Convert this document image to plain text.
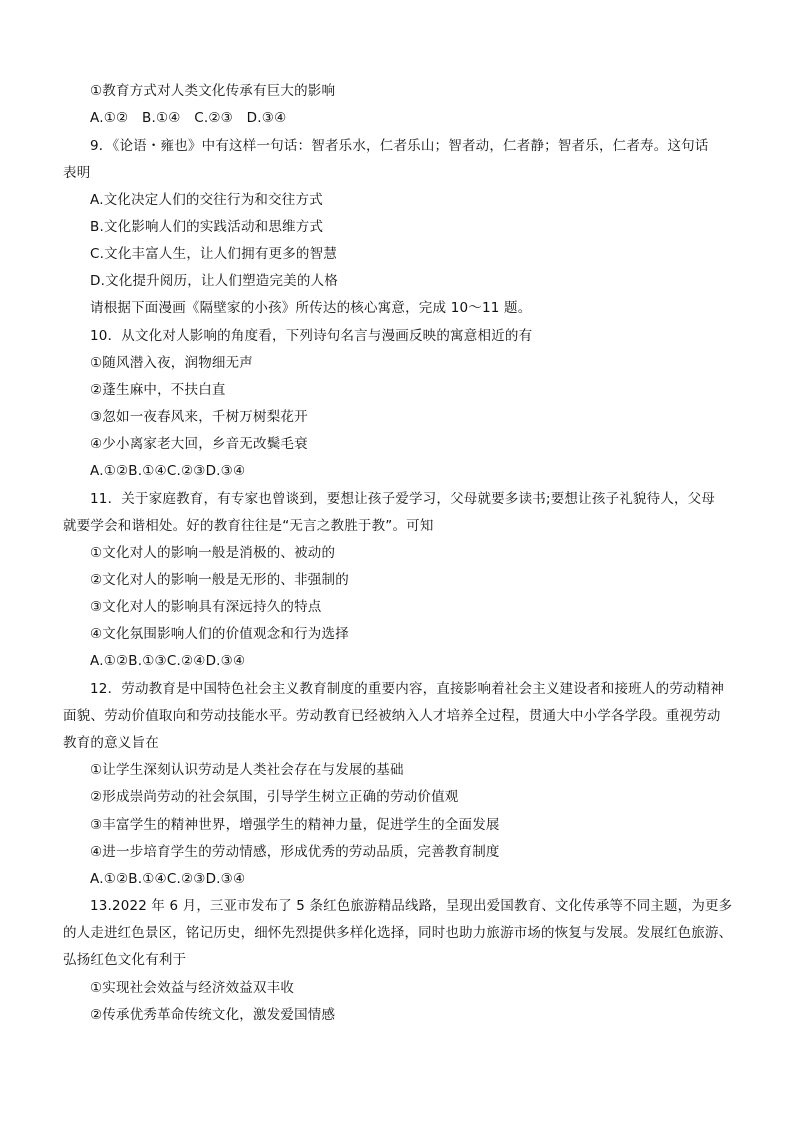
①教育方式对人类文化传承有巨大的影响
A.①②　B.①④　C.②③　D.③④
9．《论语・雍也》中有这样一句话：智者乐水，仁者乐山；智者动，仁者静；智者乐，仁者寿。这句话
表明
A.文化决定人们的交往行为和交往方式
B.文化影响人们的实践活动和思维方式
C.文化丰富人生，让人们拥有更多的智慧
D.文化提升阅历，让人们塑造完美的人格
请根据下面漫画《隔壁家的小孩》所传达的核心寓意，完成 10～11 题。
10．从文化对人影响的角度看，下列诗句名言与漫画反映的寓意相近的有
①随风潜入夜，润物细无声
②蓬生麻中，不扶白直
③忽如一夜春风来，千树万树梨花开
④少小离家老大回，乡音无改鬓毛衰
A.①②B.①④C.②③D.③④
11．关于家庭教育，有专家也曾谈到，要想让孩子爱学习，父母就要多读书;要想让孩子礼貌待人，父母
就要学会和谐相处。好的教育往往是“无言之教胜于教”。可知
①文化对人的影响一般是消极的、被动的
②文化对人的影响一般是无形的、非强制的
③文化对人的影响具有深远持久的特点
④文化氛围影响人们的价值观念和行为选择
A.①②B.①③C.②④D.③④
12．劳动教育是中国特色社会主义教育制度的重要内容，直接影响着社会主义建设者和接班人的劳动精神
面貌、劳动价值取向和劳动技能水平。劳动教育已经被纳入人才培养全过程，贯通大中小学各学段。重视劳动
教育的意义旨在
①让学生深刻认识劳动是人类社会存在与发展的基础
②形成崇尚劳动的社会氛围，引导学生树立正确的劳动价值观
③丰富学生的精神世界，增强学生的精神力量，促进学生的全面发展
④进一步培育学生的劳动情感，形成优秀的劳动品质，完善教育制度
A.①②B.①④C.②③D.③④
13.2022 年 6 月，三亚市发布了 5 条红色旅游精品线路，呈现出爱国教育、文化传承等不同主题，为更多
的人走进红色景区，铭记历史，细怀先烈提供多样化选择，同时也助力旅游市场的恢复与发展。发展红色旅游、
弘扬红色文化有利于
①实现社会效益与经济效益双丰收
②传承优秀革命传统文化，激发爱国情感
